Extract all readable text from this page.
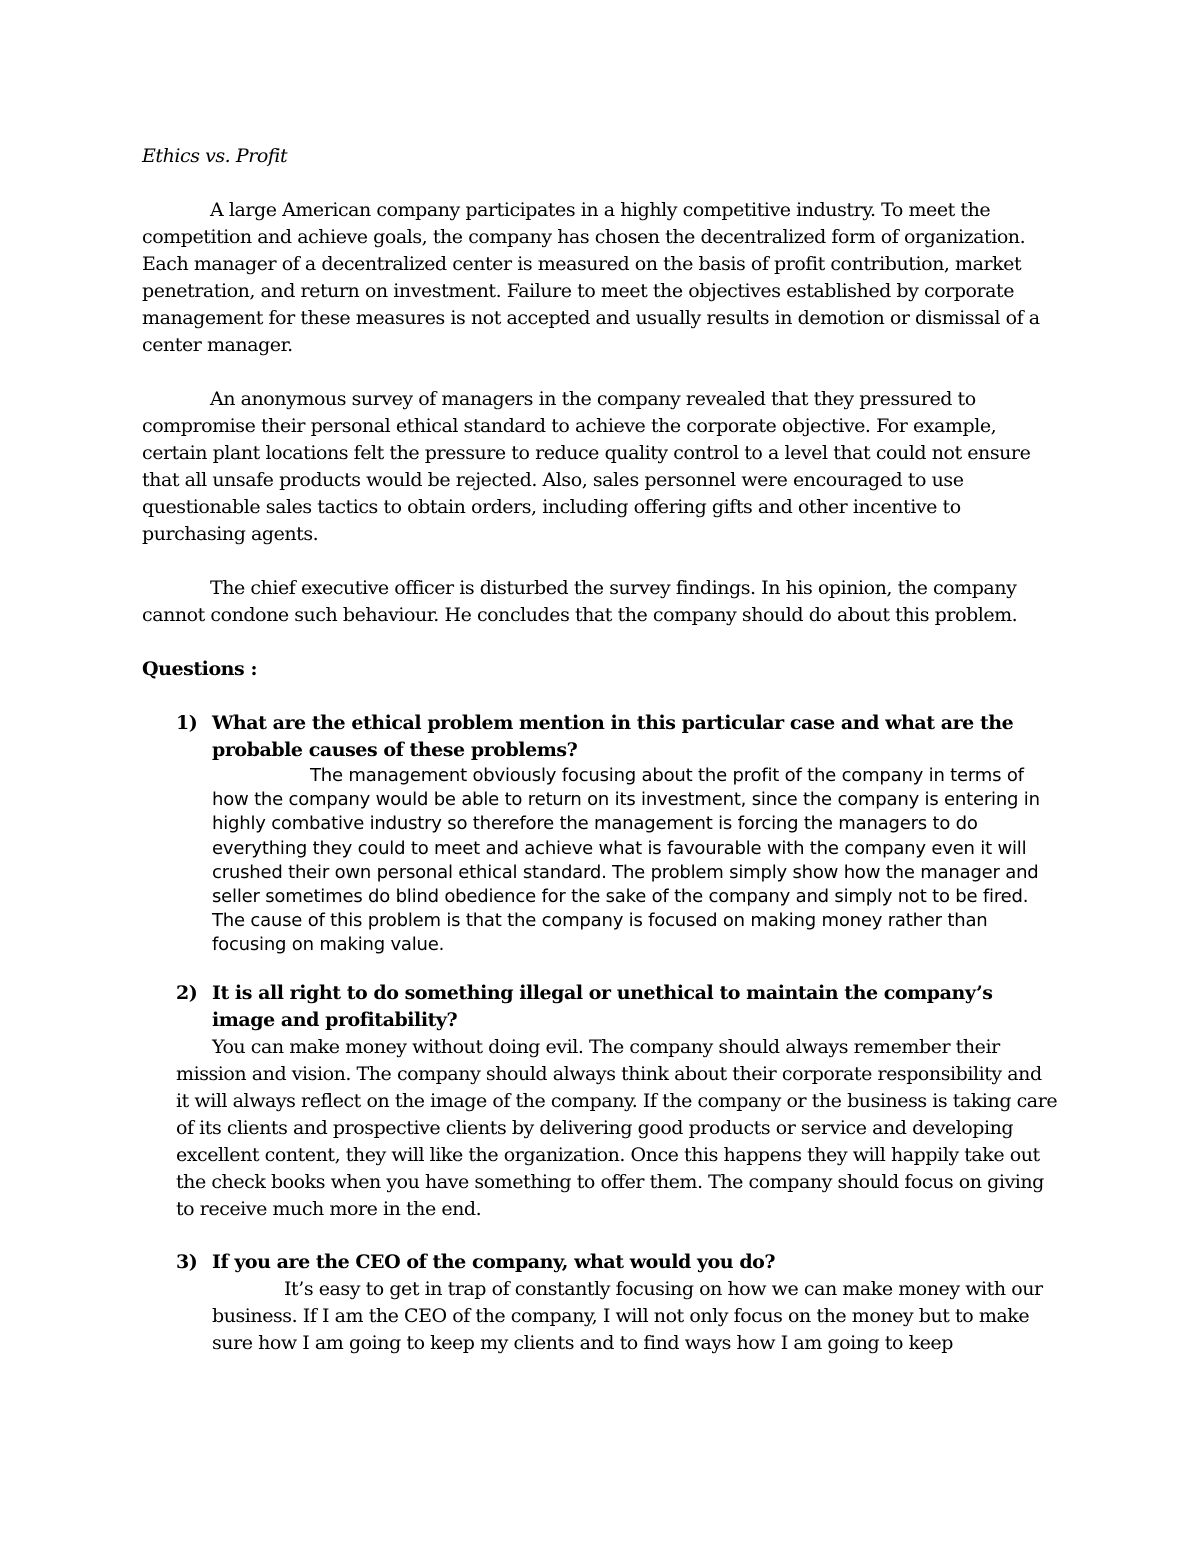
Ethics vs. Profit

A large American company participates in a highly competitive industry. To meet the competition and achieve goals, the company has chosen the decentralized form of organization. Each manager of a decentralized center is measured on the basis of profit contribution, market penetration, and return on investment. Failure to meet the objectives established by corporate management for these measures is not accepted and usually results in demotion or dismissal of a center manager.

An anonymous survey of managers in the company revealed that they pressured to compromise their personal ethical standard to achieve the corporate objective. For example, certain plant locations felt the pressure to reduce quality control to a level that could not ensure that all unsafe products would be rejected. Also, sales personnel were encouraged to use questionable sales tactics to obtain orders, including offering gifts and other incentive to purchasing agents.

The chief executive officer is disturbed the survey findings. In his opinion, the company cannot condone such behaviour. He concludes that the company should do about this problem.

Questions :

1) What are the ethical problem mention in this particular case and what are the probable causes of these problems?

The management obviously focusing about the profit of the company in terms of how the company would be able to return on its investment, since the company is entering in highly combative industry so therefore the management is forcing the managers to do everything they could to meet and achieve what is favourable with the company even it will crushed their own personal ethical standard. The problem simply show how the manager and seller sometimes do blind obedience for the sake of the company and simply not to be fired. The cause of this problem is that the company is focused on making money rather than focusing on making value.

2) It is all right to do something illegal or unethical to maintain the company’s image and profitability?

You can make money without doing evil. The company should always remember their mission and vision. The company should always think about their corporate responsibility and it will always reflect on the image of the company. If the company or the business is taking care of its clients and prospective clients by delivering good products or service and developing excellent content, they will like the organization. Once this happens they will happily take out the check books when you have something to offer them. The company should focus on giving to receive much more in the end.

3) If you are the CEO of the company, what would you do?

It’s easy to get in trap of constantly focusing on how we can make money with our business. If I am the CEO of the company, I will not only focus on the money but to make sure how I am going to keep my clients and to find ways how I am going to keep
